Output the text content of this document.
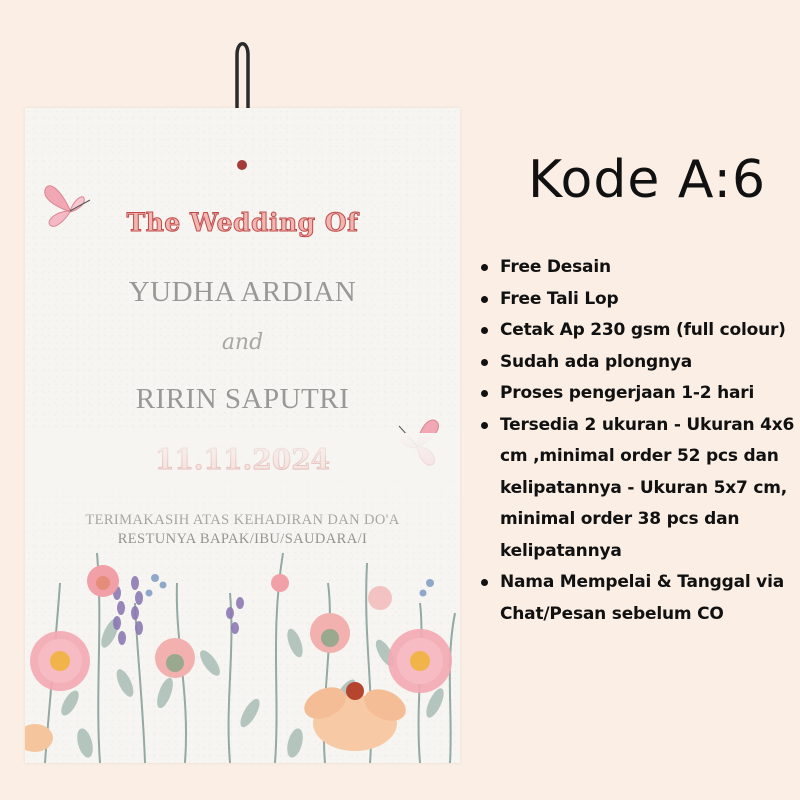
The Wedding Of
YUDHA ARDIAN
and
RIRIN SAPUTRI
Kode A:6
Free Desain
Free Tali Lop
Cetak Ap 230 gsm (full colour)
Sudah ada plongnya
Proses pengerjaan 1-2 hari
Tersedia 2 ukuran - Ukuran 4x6 cm ,minimal order 52 pcs dan kelipatannya - Ukuran 5x7 cm, minimal order 38 pcs dan kelipatannya
Nama Mempelai & Tanggal via Chat/Pesan sebelum CO
